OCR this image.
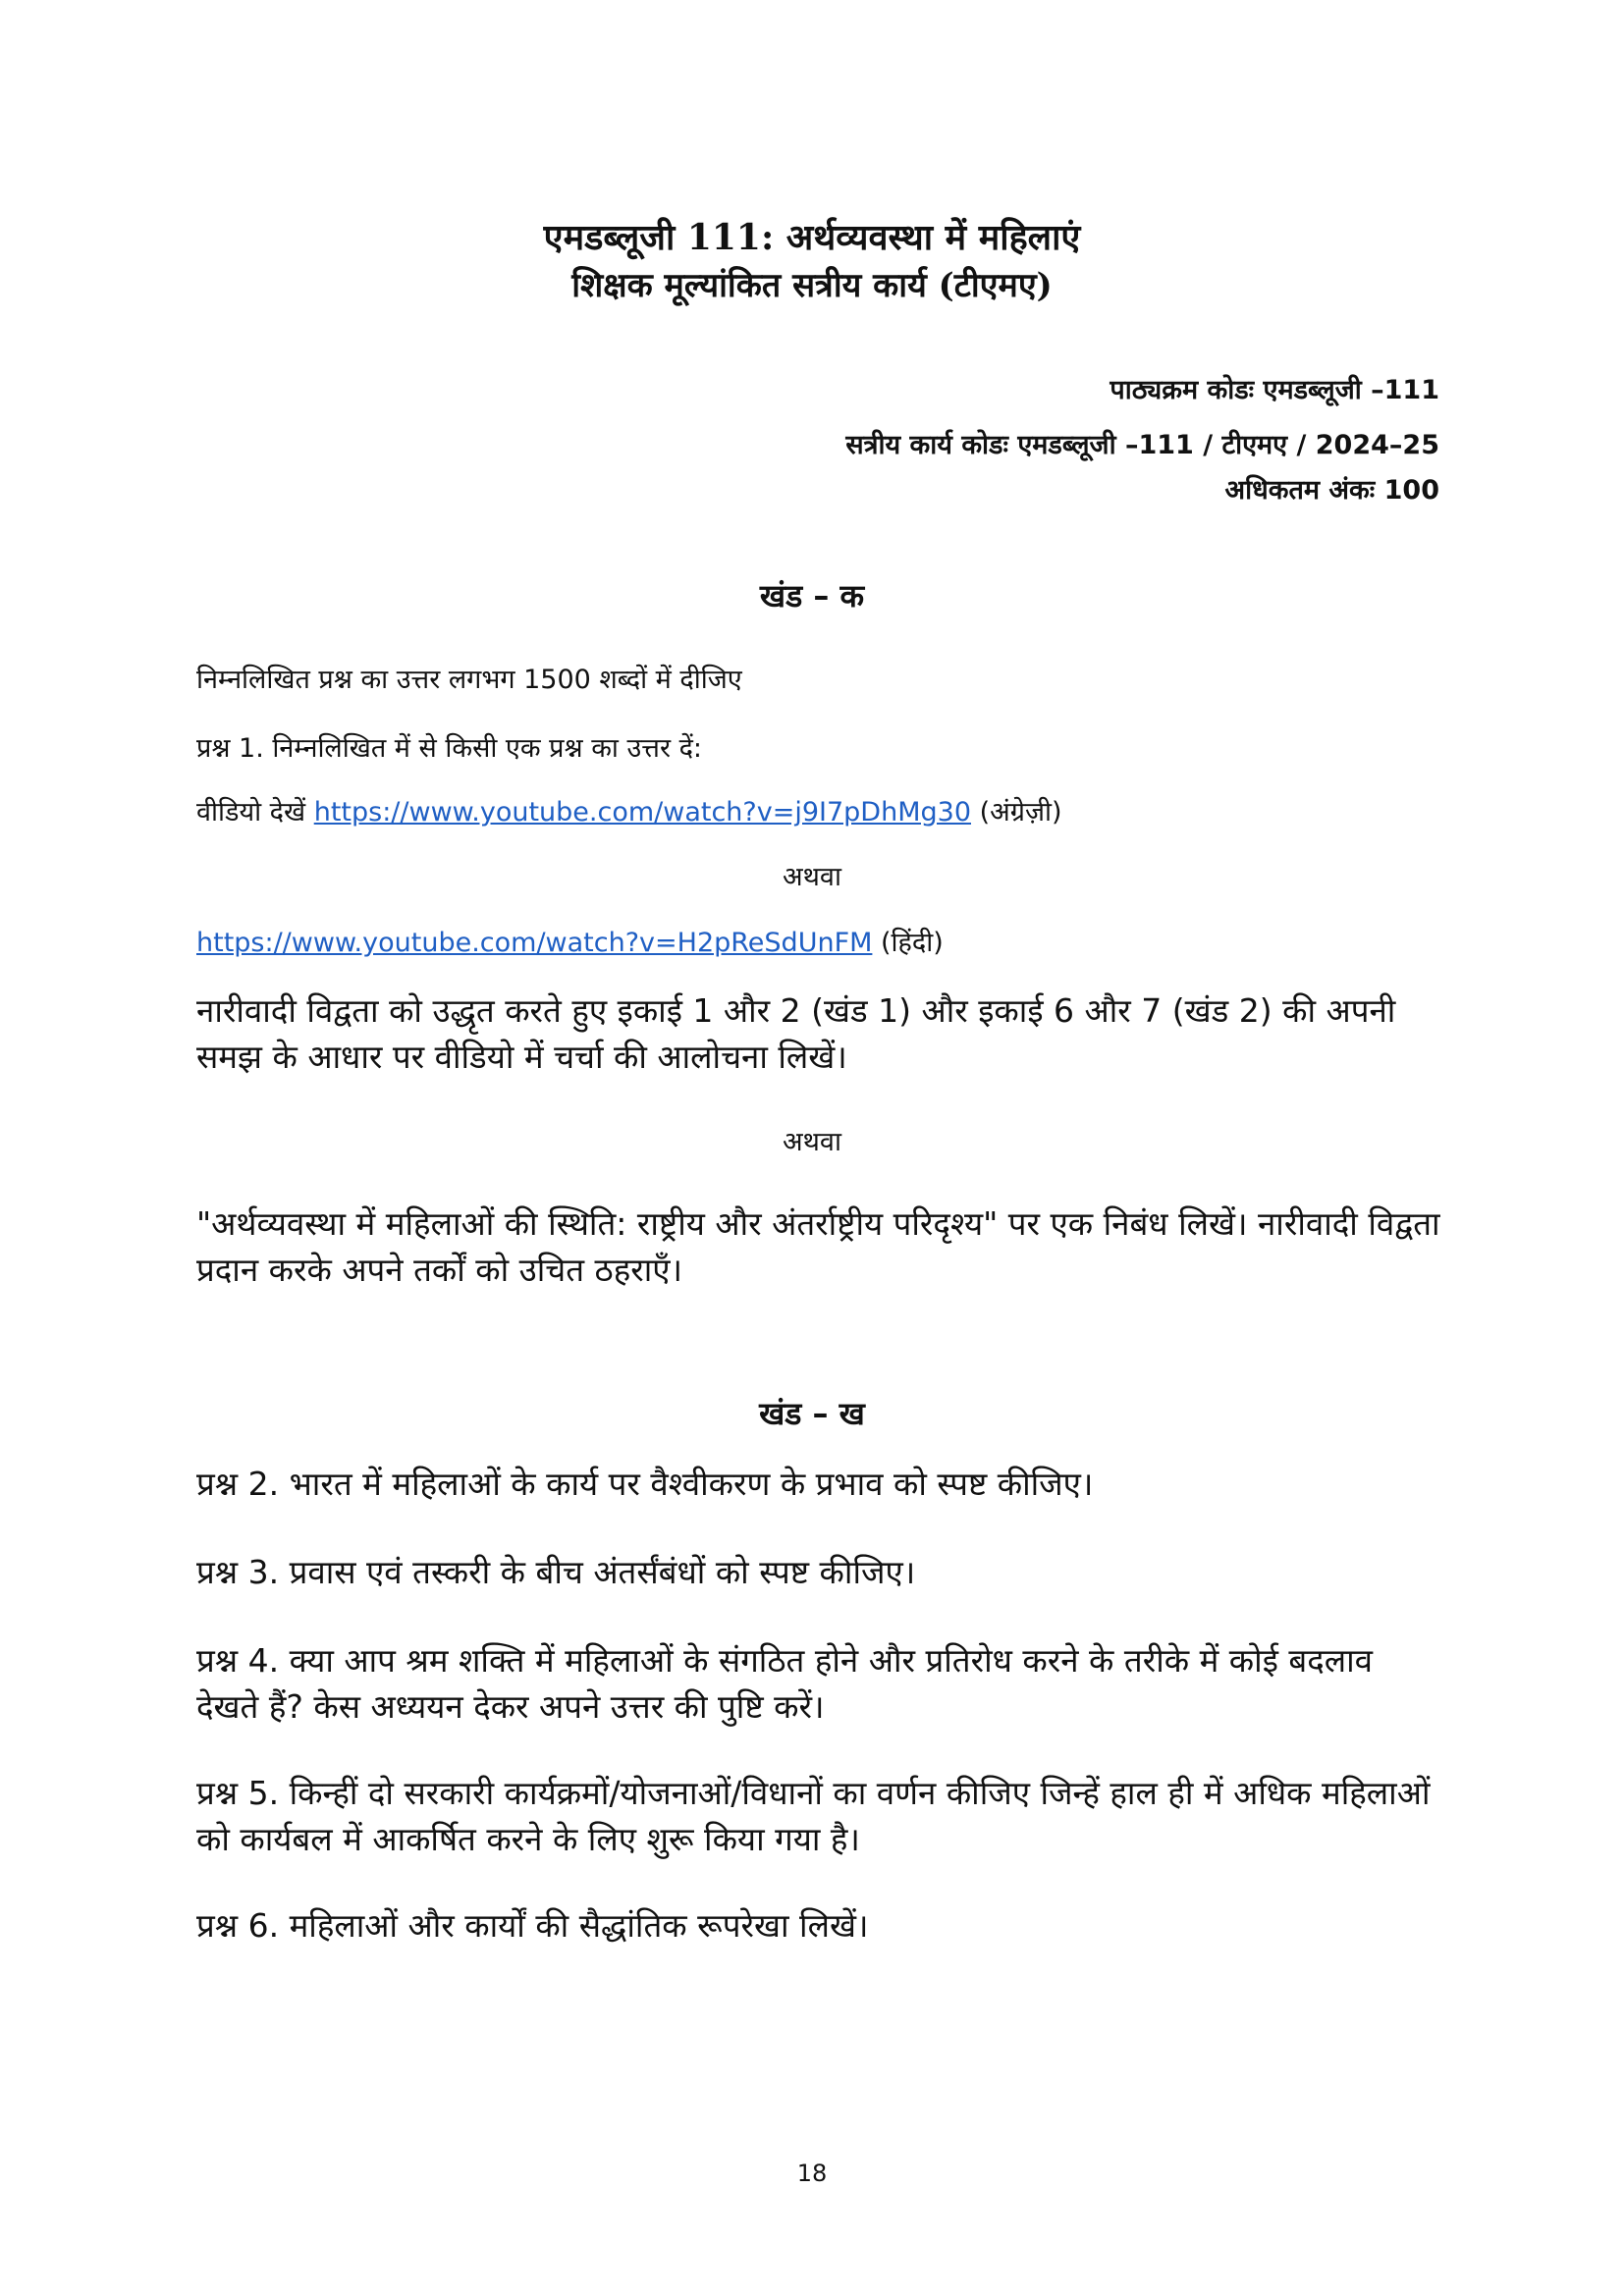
एमडब्लूजी 111: अर्थव्यवस्था में महिलाएं
शिक्षक मूल्यांकित सत्रीय कार्य (टीएमए)
पाठ्यक्रम कोडः एमडब्लूजी –111
सत्रीय कार्य कोडः एमडब्लूजी –111 / टीएमए / 2024–25
अधिकतम अंकः 100
खंड – क
निम्नलिखित प्रश्न का उत्तर लगभग 1500 शब्दों में दीजिए
प्रश्न 1. निम्नलिखित में से किसी एक प्रश्न का उत्तर दें:
वीडियो देखें https://www.youtube.com/watch?v=j9I7pDhMg30 (अंग्रेज़ी)
अथवा
https://www.youtube.com/watch?v=H2pReSdUnFM (हिंदी)
नारीवादी विद्वता को उद्धृत करते हुए इकाई 1 और 2 (खंड 1) और इकाई 6 और 7 (खंड 2) की अपनी समझ के आधार पर वीडियो में चर्चा की आलोचना लिखें।
अथवा
"अर्थव्यवस्था में महिलाओं की स्थिति: राष्ट्रीय और अंतर्राष्ट्रीय परिदृश्य" पर एक निबंध लिखें। नारीवादी विद्वता प्रदान करके अपने तर्कों को उचित ठहराएँ।
खंड – ख
प्रश्न 2. भारत में महिलाओं के कार्य पर वैश्वीकरण के प्रभाव को स्पष्ट कीजिए।
प्रश्न 3. प्रवास एवं तस्करी के बीच अंतर्संबंधों को स्पष्ट कीजिए।
प्रश्न 4. क्या आप श्रम शक्ति में महिलाओं के संगठित होने और प्रतिरोध करने के तरीके में कोई बदलाव देखते हैं? केस अध्ययन देकर अपने उत्तर की पुष्टि करें।
प्रश्न 5. किन्हीं दो सरकारी कार्यक्रमों/योजनाओं/विधानों का वर्णन कीजिए जिन्हें हाल ही में अधिक महिलाओं को कार्यबल में आकर्षित करने के लिए शुरू किया गया है।
प्रश्न 6. महिलाओं और कार्यों की सैद्धांतिक रूपरेखा लिखें।
18
